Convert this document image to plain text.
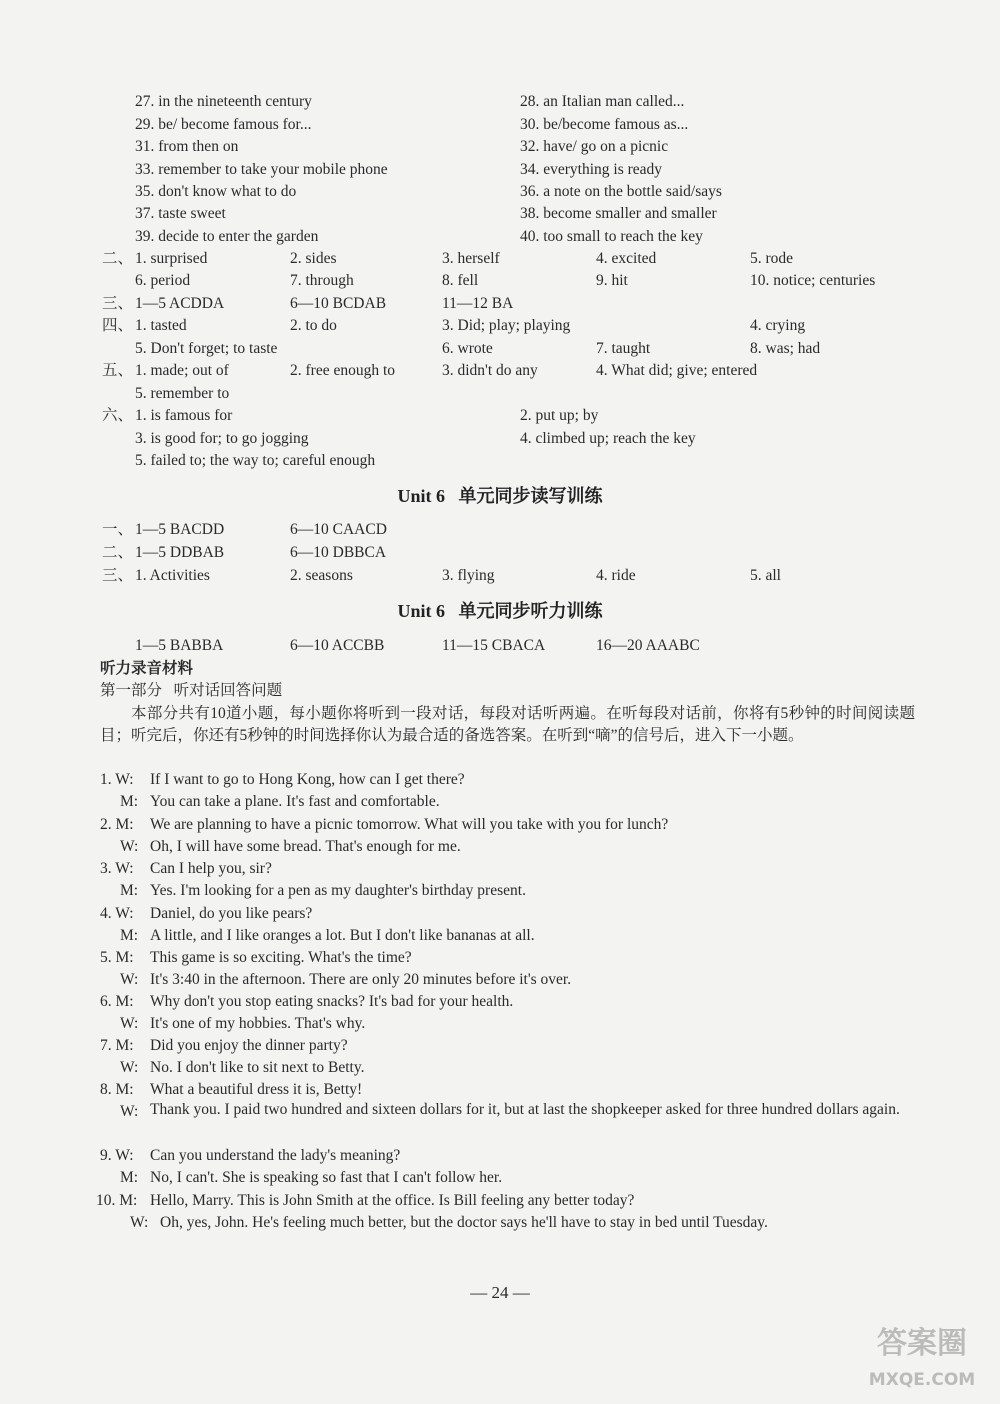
27. in the nineteenth century	28. an Italian man called...
29. be/ become famous for...	30. be/become famous as...
31. from then on	32. have/ go on a picnic
33. remember to take your mobile phone	34. everything is ready
35. don't know what to do	36. a note on the bottle said/says
37. taste sweet	38. become smaller and smaller
39. decide to enter the garden	40. too small to reach the key
二、 1. surprised	2. sides	3. herself	4. excited	5. rode
6. period	7. through	8. fell	9. hit	10. notice; centuries
三、 1—5 ACDDA	6—10 BCDAB	11—12 BA
四、 1. tasted	2. to do	3. Did; play; playing	4. crying
5. Don't forget; to taste	6. wrote	7. taught	8. was; had
五、 1. made; out of	2. free enough to	3. didn't do any	4. What did; give; entered
5. remember to
六、 1. is famous for	2. put up; by
3. is good for; to go jogging	4. climbed up; reach the key
5. failed to; the way to; careful enough
Unit 6   单元同步读写训练
一、 1—5 BACDD	6—10 CAACD
二、 1—5 DDBAB	6—10 DBBCA
三、 1. Activities	2. seasons	3. flying	4. ride	5. all
Unit 6   单元同步听力训练
1—5 BABBA	6—10 ACCBB	11—15 CBACA	16—20 AAABC
听力录音材料
第一部分   听对话回答问题
本部分共有10道小题，每小题你将听到一段对话，每段对话听两遍。在听每段对话前，你将有5秒钟的时间阅读题目；听完后，你还有5秒钟的时间选择你认为最合适的备选答案。在听到“嘀”的信号后，进入下一小题。
1. W: If I want to go to Hong Kong, how can I get there?
M: You can take a plane. It's fast and comfortable.
2. M: We are planning to have a picnic tomorrow. What will you take with you for lunch?
W: Oh, I will have some bread. That's enough for me.
3. W: Can I help you, sir?
M: Yes. I'm looking for a pen as my daughter's birthday present.
4. W: Daniel, do you like pears?
M: A little, and I like oranges a lot. But I don't like bananas at all.
5. M: This game is so exciting. What's the time?
W: It's 3:40 in the afternoon. There are only 20 minutes before it's over.
6. M: Why don't you stop eating snacks? It's bad for your health.
W: It's one of my hobbies. That's why.
7. M: Did you enjoy the dinner party?
W: No. I don't like to sit next to Betty.
8. M: What a beautiful dress it is, Betty!
W: Thank you. I paid two hundred and sixteen dollars for it, but at last the shopkeeper asked for three hundred dollars again.
9. W: Can you understand the lady's meaning?
M: No, I can't. She is speaking so fast that I can't follow her.
10. M: Hello, Marry. This is John Smith at the office. Is Bill feeling any better today?
W: Oh, yes, John. He's feeling much better, but the doctor says he'll have to stay in bed until Tuesday.
— 24 —
答案圈
MXQE.COM
